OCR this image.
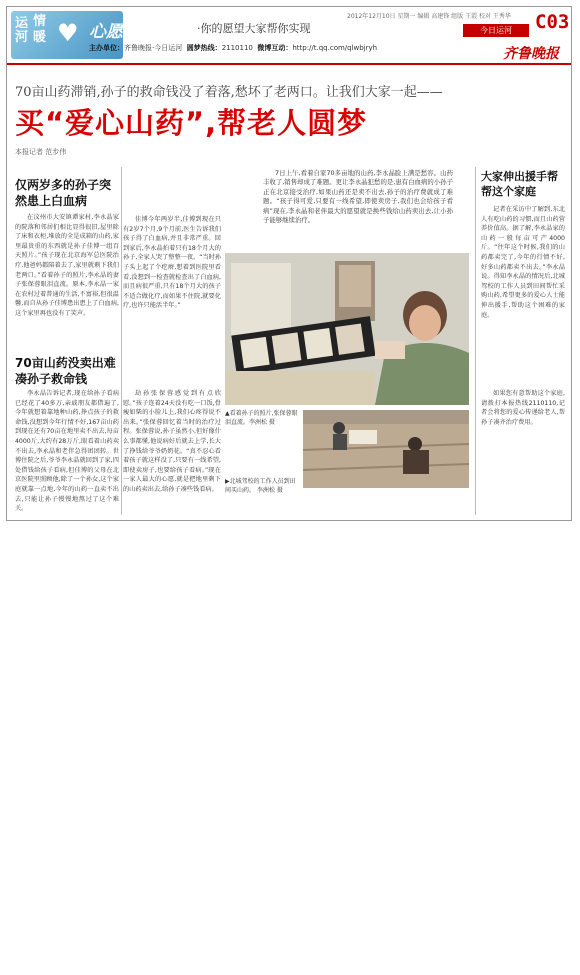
运
河
情
暖 ♥ 心愿漂流瓶 ·你的愿望大家帮你实现
2012年12月10日 星期一 编辑 高建锋 组版 王霞 校对 王秀华 C03
今日运河
主办单位：齐鲁晚报·今日运河 圆梦热线：2110110 微博互动：http://t.qq.com/qlwbjryh	齐鲁晚报
70亩山药滞销,孙子的救命钱没了着落,愁坏了老两口。让我们大家一起——
买“爱心山药”,帮老人圆梦
本报记者 范步伟
仅两岁多的孙子突然患上白血病
在汶州市大安镇谭家村,李永晶家的院落和邻居们相比显得很旧,屋里除了床和衣柜,堆放的全是成箱的山药,家里最贵重的东西就是孙子佳博一组百天照片。”孩子现在北京海军总医院治疗,他爸妈都陪着去了,家里就剩下我们老两口。”看着孙子的照片,李永晶的妻子张保蓉眼泪直流。原本,李永晶一家在农村过着普通的生活,不富裕,但很温馨,而自从孙子佳博患出患上了白血病,这个家里再也没有了笑声。
70亩山药没卖出难凑孙子救命钱
李永晶告诉记者,现在给孙子看病已经花了40多万,亲戚朋友都借遍了,今年就想着靠地种山药,挣点孩子的救命钱,没想到今年行情不好,167亩山药到现在还有70亩在地里卖不出去,每亩4000斤,大约有28万斤,眼看着山药卖不出去,李永晶和老伴急得团团转。世博住院之后,爷爷李永晶就回到了家,四处借钱给孩子看病,但佳博的父母在北京医院里照顾他,除了一个孙女,这个家庭就靠一点地,今年的山药一直卖不出去,只能让孙子慢慢地熬过了这个难关。
佳博今年两岁半,佳博到现在只有2岁7个月,9个月前,医生告诉我们孩子得了白血病,并且非常严重。回到家后,李永晶拍着只有18个月大的孙子,全家人哭了整整一夜。“当时孙子头上起了个疙瘩,想着到医院里看看,没想到一检查就检查出了白血病,而且病很严重,只有18个月大的孩子不适合做化疗,而如果不住院,就要化疗,也许只能活半年。”
劫孙张保蓉感觉到有点欣慰。”孩子连着24天没有吃一口饭,骨瘦如柴的小脸儿上,我们心疼得说不出来。”张保蓉回忆着当时的治疗过程。张保蓉说,孙子虽然小,但好像什么事都懂,他说病好后就去上学,长大了挣钱给爷爷奶奶花。“真不忍心看着孩子就这样没了,只要有一线希望,即使卖房子,也要给孩子看病。”现在一家人最大的心愿,就是把地里剩下的山药卖出去,给孙子凑些钱看病。
7日上午,看着自家70多亩地的山药,李永晶脸上满是愁容。山药丰收了,销售却成了难题。更让李永晶犯愁的是,患有白血病的小孙子正在北京接受治疗,如果山药还是卖不出去,孙子的治疗费就成了难题。“孩子得可爱,只要有一线希望,即使卖房子,我们也会给孩子看病”现在,李永晶和老伴最大的愿望就是换些钱给山药卖出去,让小孙子能够继续治疗。
▲看着孙子的照片,张保蓉眼泪直流。李洲松 摄
▶北城驾校的工作人员到田间买山药。 李洲松 摄
大家伸出援手帮帮这个家庭
记者在采访中了解到,东北人有吃山药的习惯,而且山药营养价值高。据了解,李永晶家的山药一般每亩可产4000斤。“往年这个时候,我们的山药都卖完了,今年的行情不好,好多山药都卖不出去。”李永晶说。得知李永晶的情况后,北城驾校的工作人员到田间帮忙采购山药,希望更多的爱心人士能伸出援手,帮助这个困难的家庭。
如果您有意帮助这个家庭,请拨打本报热线2110110,记者会将您的爱心传递给老人,帮孙子凑齐治疗费用。
